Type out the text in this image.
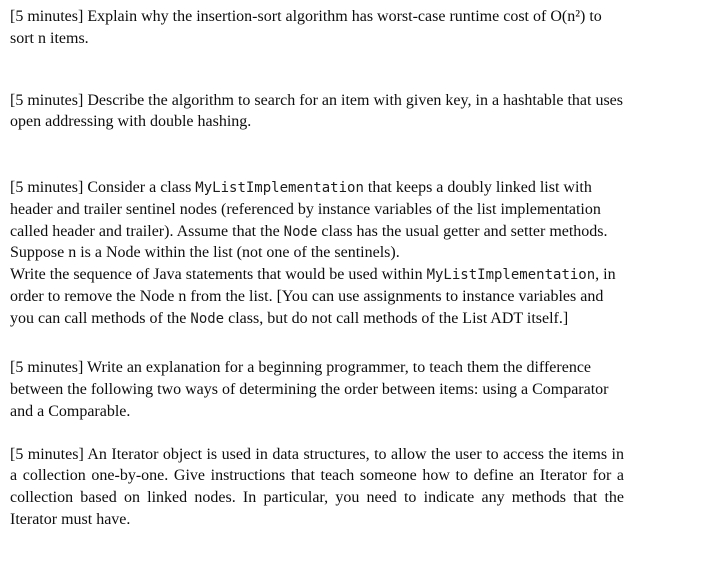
[5 minutes] Explain why the insertion-sort algorithm has worst-case runtime cost of O(n²) to sort n items.

[5 minutes] Describe the algorithm to search for an item with given key, in a hashtable that uses open addressing with double hashing.

[5 minutes] Consider a class MyListImplementation that keeps a doubly linked list with header and trailer sentinel nodes (referenced by instance variables of the list implementation called header and trailer). Assume that the Node class has the usual getter and setter methods. Suppose n is a Node within the list (not one of the sentinels).

Write the sequence of Java statements that would be used within MyListImplementation, in order to remove the Node n from the list. [You can use assignments to instance variables and you can call methods of the Node class, but do not call methods of the List ADT itself.]

[5 minutes] Write an explanation for a beginning programmer, to teach them the difference between the following two ways of determining the order between items: using a Comparator and a Comparable.

[5 minutes] An Iterator object is used in data structures, to allow the user to access the items in a collection one-by-one. Give instructions that teach someone how to define an Iterator for a collection based on linked nodes. In particular, you need to indicate any methods that the Iterator must have.
